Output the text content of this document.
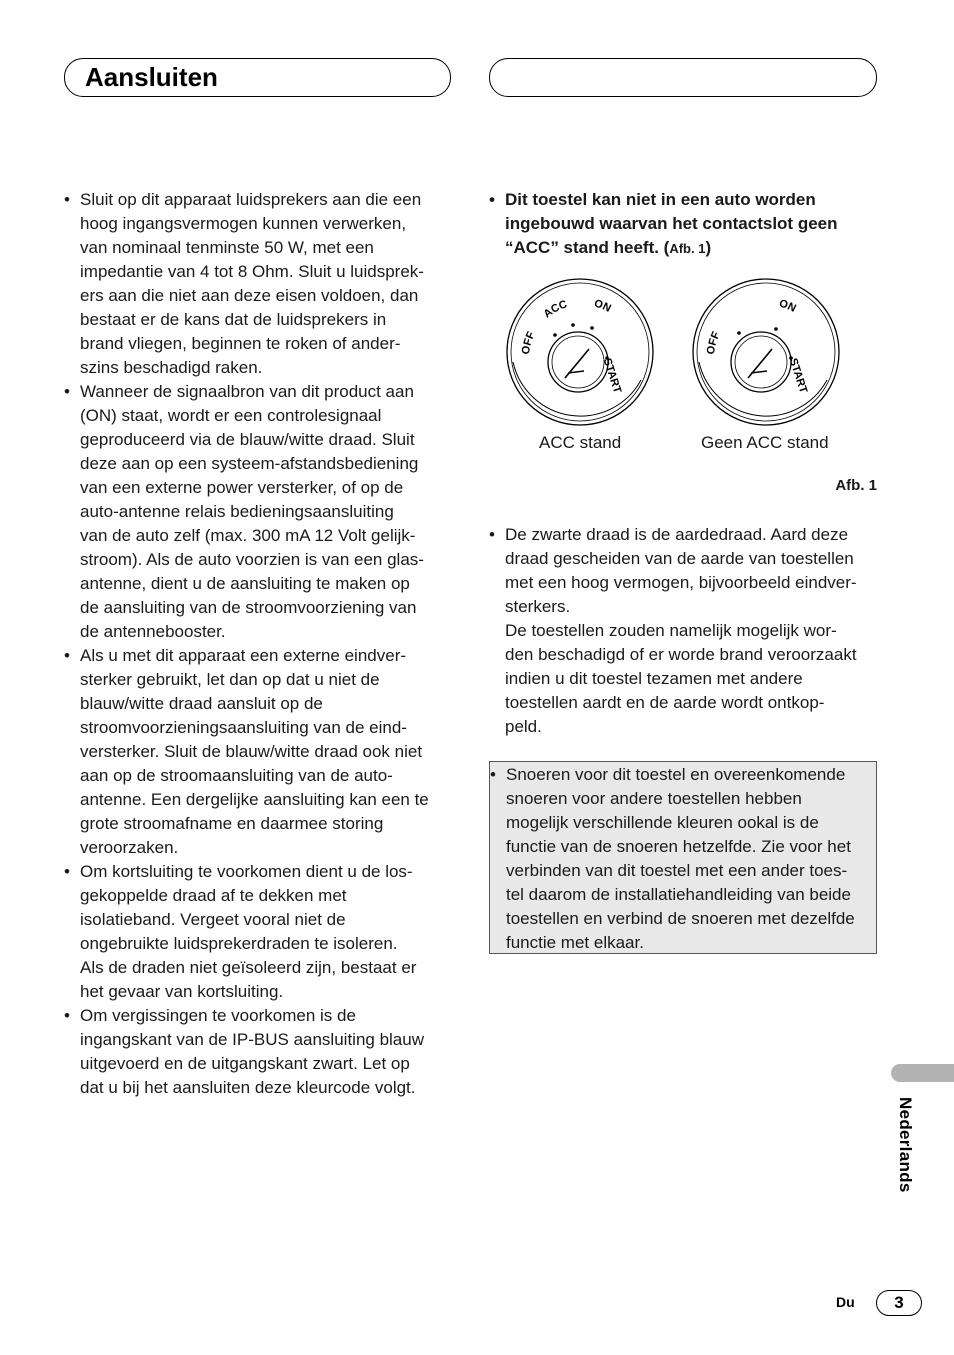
Aansluiten
• Sluit op dit apparaat luidsprekers aan die een
hoog ingangsvermogen kunnen verwerken,
van nominaal tenminste 50 W, met een
impedantie van 4 tot 8 Ohm. Sluit u luidsprek-
ers aan die niet aan deze eisen voldoen, dan
bestaat er de kans dat de luidsprekers in
brand vliegen, beginnen te roken of ander-
szins beschadigd raken.
• Wanneer de signaalbron van dit product aan
(ON) staat, wordt er een controlesignaal
geproduceerd via de blauw/witte draad. Sluit
deze aan op een systeem-afstandsbediening
van een externe power versterker, of op de
auto-antenne relais bedieningsaansluiting
van de auto zelf (max. 300 mA 12 Volt gelijk-
stroom). Als de auto voorzien is van een glas-
antenne, dient u de aansluiting te maken op
de aansluiting van de stroomvoorziening van
de antennebooster.
• Als u met dit apparaat een externe eindver-
sterker gebruikt, let dan op dat u niet de
blauw/witte draad aansluit op de
stroomvoorzieningsaansluiting van de eind-
versterker. Sluit de blauw/witte draad ook niet
aan op de stroomaansluiting van de auto-
antenne. Een dergelijke aansluiting kan een te
grote stroomafname en daarmee storing
veroorzaken.
• Om kortsluiting te voorkomen dient u de los-
gekoppelde draad af te dekken met
isolatieband. Vergeet vooral niet de
ongebruikte luidsprekerdraden te isoleren.
Als de draden niet geïsoleerd zijn, bestaat er
het gevaar van kortsluiting.
• Om vergissingen te voorkomen is de
ingangskant van de IP-BUS aansluiting blauw
uitgevoerd en de uitgangskant zwart. Let op
dat u bij het aansluiten deze kleurcode volgt.
• Dit toestel kan niet in een auto worden
ingebouwd waarvan het contactslot geen
“ACC” stand heeft. (Afb. 1)
OFF
ACC ON
START
OFF
ON
START
ACC stand	Geen ACC stand
Afb. 1
• De zwarte draad is de aardedraad. Aard deze
draad gescheiden van de aarde van toestellen
met een hoog vermogen, bijvoorbeeld eindver-
sterkers.
De toestellen zouden namelijk mogelijk wor-
den beschadigd of er worde brand veroorzaakt
indien u dit toestel tezamen met andere
toestellen aardt en de aarde wordt ontkop-
peld.
• Snoeren voor dit toestel en overeenkomende
snoeren voor andere toestellen hebben
mogelijk verschillende kleuren ookal is de
functie van de snoeren hetzelfde. Zie voor het
verbinden van dit toestel met een ander toes-
tel daarom de installatiehandleiding van beide
toestellen en verbind de snoeren met dezelfde
functie met elkaar.
Nederlands
Du	3
